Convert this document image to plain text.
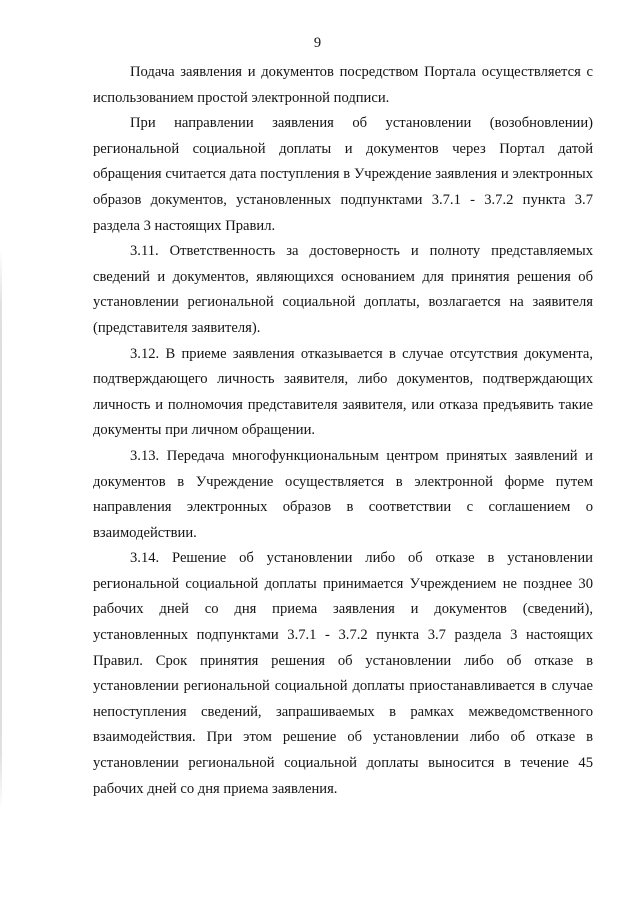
9

Подача заявления и документов посредством Портала осуществляется с использованием простой электронной подписи.

При направлении заявления об установлении (возобновлении) региональной социальной доплаты и документов через Портал датой обращения считается дата поступления в Учреждение заявления и электронных образов документов, установленных подпунктами 3.7.1 - 3.7.2 пункта 3.7 раздела 3 настоящих Правил.

3.11. Ответственность за достоверность и полноту представляемых сведений и документов, являющихся основанием для принятия решения об установлении региональной социальной доплаты, возлагается на заявителя (представителя заявителя).

3.12. В приеме заявления отказывается в случае отсутствия документа, подтверждающего личность заявителя, либо документов, подтверждающих личность и полномочия представителя заявителя, или отказа предъявить такие документы при личном обращении.

3.13. Передача многофункциональным центром принятых заявлений и документов в Учреждение осуществляется в электронной форме путем направления электронных образов в соответствии с соглашением о взаимодействии.

3.14. Решение об установлении либо об отказе в установлении региональной социальной доплаты принимается Учреждением не позднее 30 рабочих дней со дня приема заявления и документов (сведений), установленных подпунктами 3.7.1 - 3.7.2 пункта 3.7 раздела 3 настоящих Правил. Срок принятия решения об установлении либо об отказе в установлении региональной социальной доплаты приостанавливается в случае непоступления сведений, запрашиваемых в рамках межведомственного взаимодействия. При этом решение об установлении либо об отказе в установлении региональной социальной доплаты выносится в течение 45 рабочих дней со дня приема заявления.
